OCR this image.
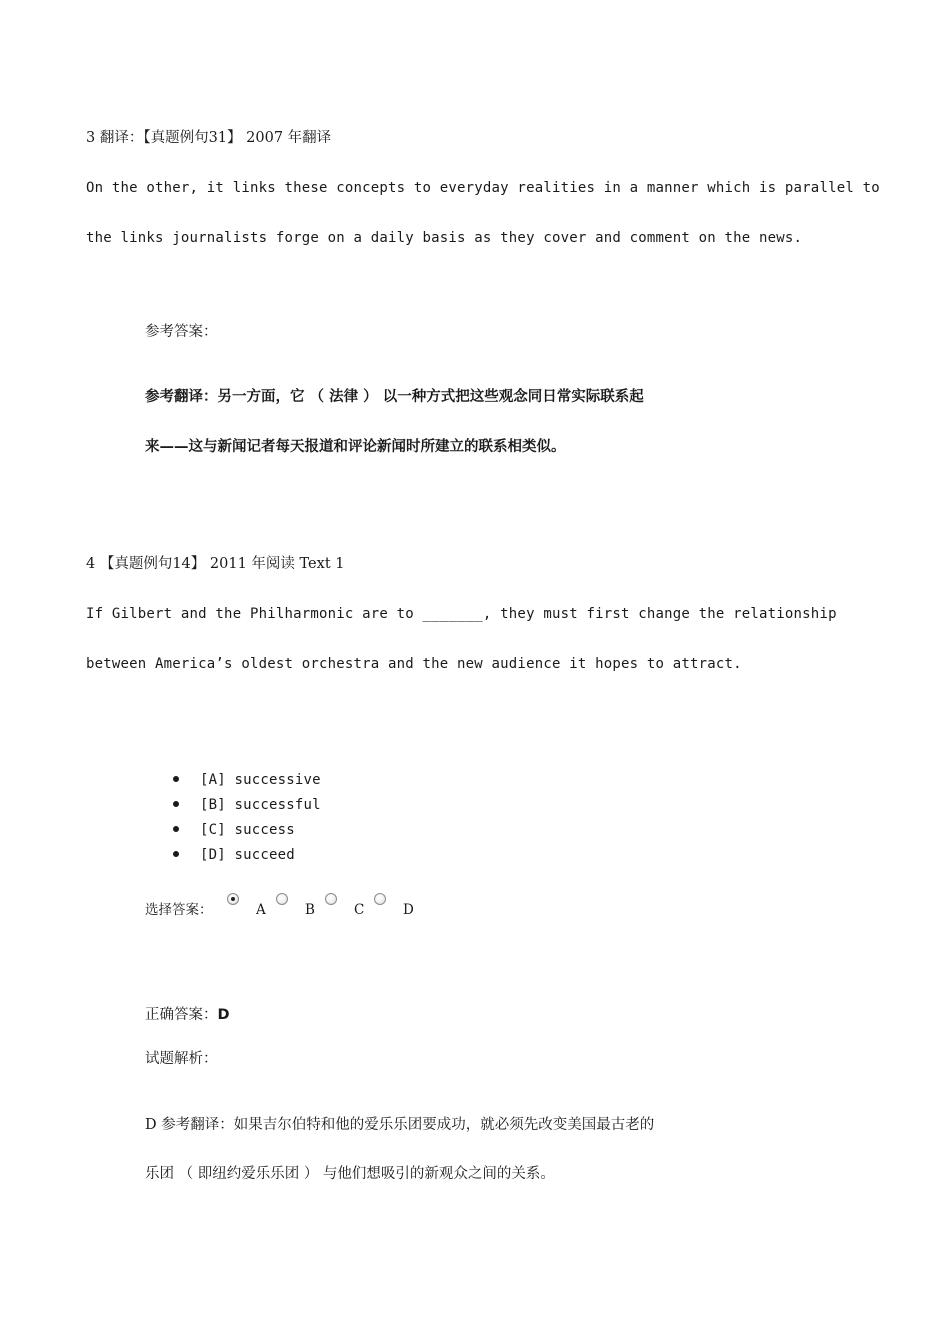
3 翻译：【真题例句31】 2007 年翻译
On the other, it links these concepts to everyday realities in a manner which is parallel to
the links journalists forge on a daily basis as they cover and comment on the news.
参考答案：
参考翻译：另一方面，它 （ 法律 ） 以一种方式把这些观念同日常实际联系起
来——这与新闻记者每天报道和评论新闻时所建立的联系相类似。
4 【真题例句14】 2011 年阅读 Text 1
If Gilbert and the Philharmonic are to _______, they must first change the relationship
between America’s oldest orchestra and the new audience it hopes to attract.
[A] successive
[B] successful
[C] success
[D] succeed
选择答案：	A	B	C	D
正确答案：D
试题解析：
D 参考翻译：如果吉尔伯特和他的爱乐乐团要成功，就必须先改变美国最古老的
乐团 （ 即纽约爱乐乐团 ） 与他们想吸引的新观众之间的关系。
